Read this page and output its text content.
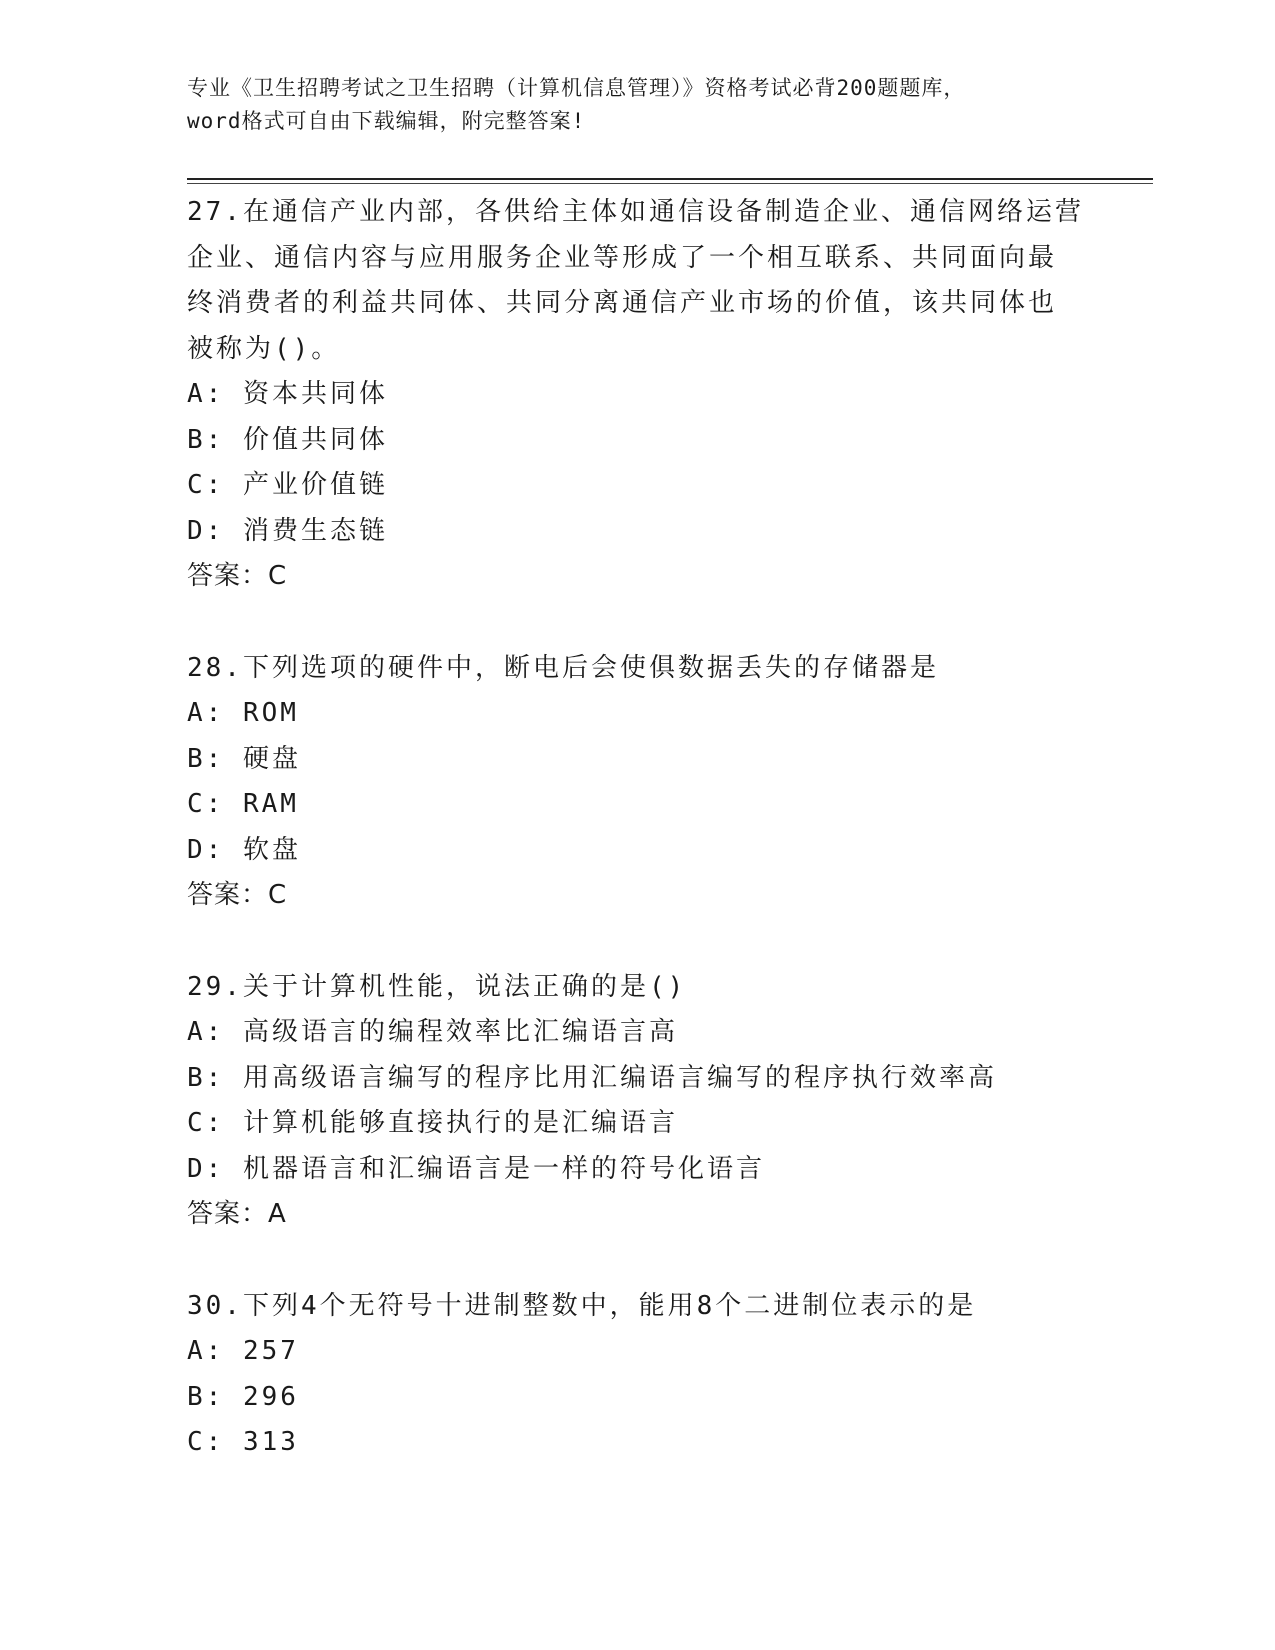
专业《卫生招聘考试之卫生招聘（计算机信息管理）》资格考试必背200题题库，
word格式可自由下载编辑，附完整答案!

27.在通信产业内部，各供给主体如通信设备制造企业、通信网络运营

企业、通信内容与应用服务企业等形成了一个相互联系、共同面向最

终消费者的利益共同体、共同分离通信产业市场的价值，该共同体也

被称为()。

A: 资本共同体

B: 价值共同体

C: 产业价值链

D: 消费生态链

答案：C

28.下列选项的硬件中，断电后会使俱数据丢失的存储器是

A: ROM

B: 硬盘

C: RAM

D: 软盘

答案：C

29.关于计算机性能，说法正确的是()

A: 高级语言的编程效率比汇编语言高

B: 用高级语言编写的程序比用汇编语言编写的程序执行效率高

C: 计算机能够直接执行的是汇编语言

D: 机器语言和汇编语言是一样的符号化语言

答案：A

30.下列4个无符号十进制整数中，能用8个二进制位表示的是

A: 257

B: 296

C: 313
